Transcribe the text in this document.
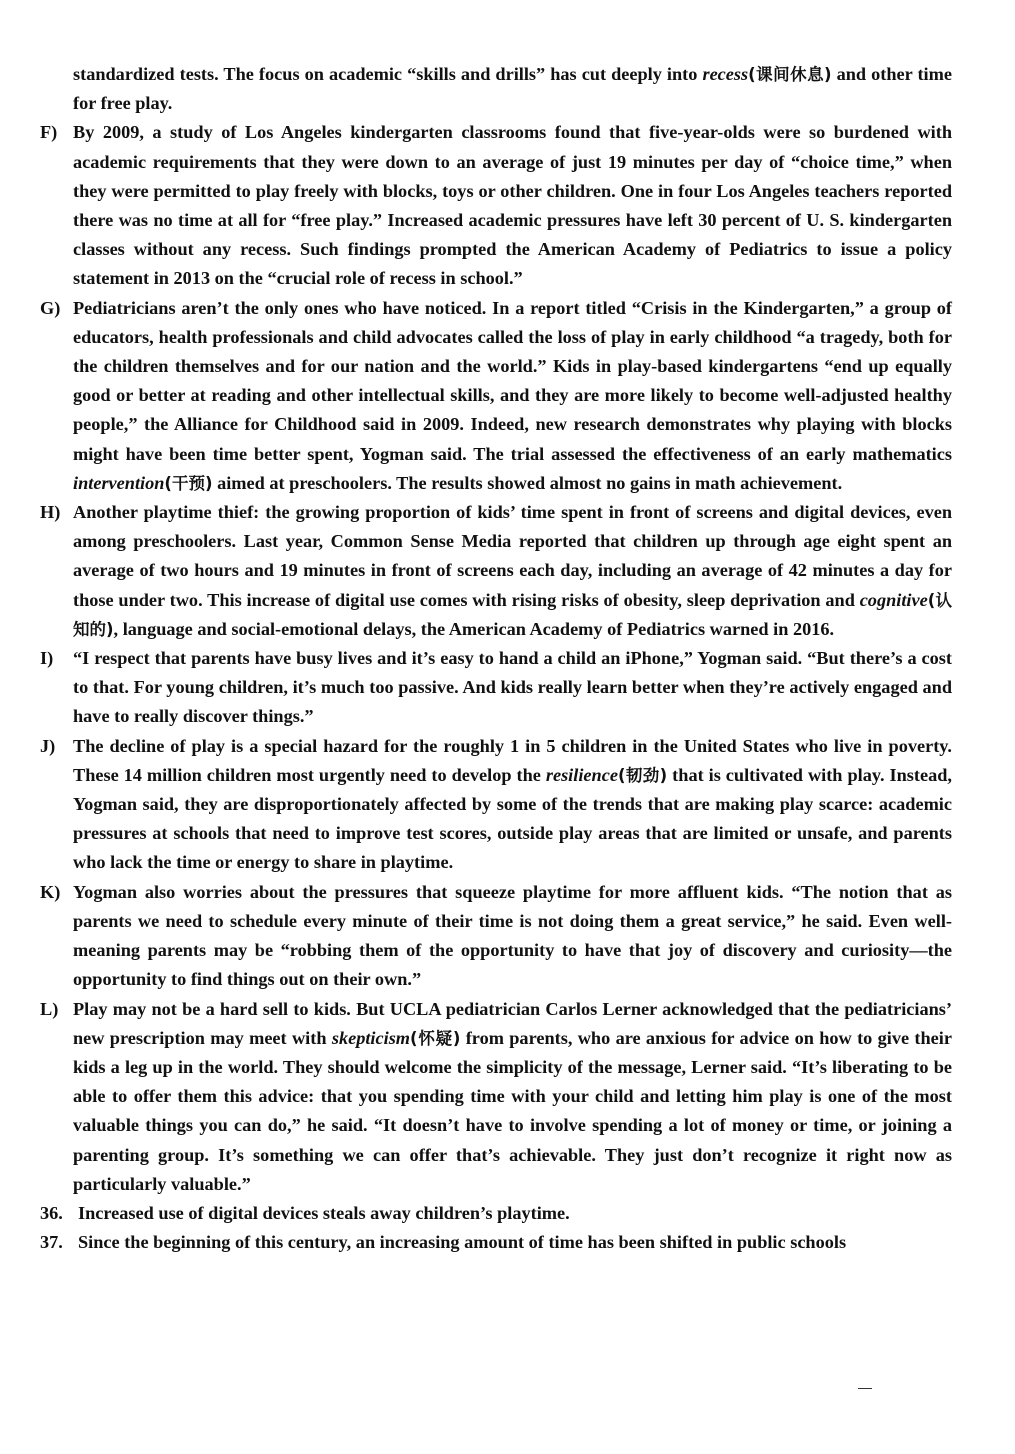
standardized tests. The focus on academic “skills and drills” has cut deeply into recess(课间休息) and other time for free play.
F) By 2009, a study of Los Angeles kindergarten classrooms found that five-year-olds were so burdened with academic requirements that they were down to an average of just 19 minutes per day of “choice time,” when they were permitted to play freely with blocks, toys or other children. One in four Los Angeles teachers reported there was no time at all for “free play.” Increased academic pressures have left 30 percent of U. S. kindergarten classes without any recess. Such findings prompted the American Academy of Pediatrics to issue a policy statement in 2013 on the “crucial role of recess in school.”
G) Pediatricians aren’t the only ones who have noticed. In a report titled “Crisis in the Kindergarten,” a group of educators, health professionals and child advocates called the loss of play in early childhood “a tragedy, both for the children themselves and for our nation and the world.” Kids in play-based kindergartens “end up equally good or better at reading and other intellectual skills, and they are more likely to become well-adjusted healthy people,” the Alliance for Childhood said in 2009. Indeed, new research demonstrates why playing with blocks might have been time better spent, Yogman said. The trial assessed the effectiveness of an early mathematics intervention(干预) aimed at preschoolers. The results showed almost no gains in math achievement.
H) Another playtime thief: the growing proportion of kids’ time spent in front of screens and digital devices, even among preschoolers. Last year, Common Sense Media reported that children up through age eight spent an average of two hours and 19 minutes in front of screens each day, including an average of 42 minutes a day for those under two. This increase of digital use comes with rising risks of obesity, sleep deprivation and cognitive(认知的), language and social-emotional delays, the American Academy of Pediatrics warned in 2016.
I)	“I respect that parents have busy lives and it’s easy to hand a child an iPhone,” Yogman said. “But there’s a cost to that. For young children, it’s much too passive. And kids really learn better when they’re actively engaged and have to really discover things.”
J) The decline of play is a special hazard for the roughly 1 in 5 children in the United States who live in poverty. These 14 million children most urgently need to develop the resilience(韧劲) that is cultivated with play. Instead, Yogman said, they are disproportionately affected by some of the trends that are making play scarce: academic pressures at schools that need to improve test scores, outside play areas that are limited or unsafe, and parents who lack the time or energy to share in playtime.
K) Yogman also worries about the pressures that squeeze playtime for more affluent kids. “The notion that as parents we need to schedule every minute of their time is not doing them a great service,” he said. Even well-meaning parents may be “robbing them of the opportunity to have that joy of discovery and curiosity—the opportunity to find things out on their own.”
L) Play may not be a hard sell to kids. But UCLA pediatrician Carlos Lerner acknowledged that the pediatricians’ new prescription may meet with skepticism(怀疑) from parents, who are anxious for advice on how to give their kids a leg up in the world. They should welcome the simplicity of the message, Lerner said. “It’s liberating to be able to offer them this advice: that you spending time with your child and letting him play is one of the most valuable things you can do,” he said. “It doesn’t have to involve spending a lot of money or time, or joining a parenting group. It’s something we can offer that’s achievable. They just don’t recognize it right now as particularly valuable.”
36. Increased use of digital devices steals away children’s playtime.
37. Since the beginning of this century, an increasing amount of time has been shifted in public schools
